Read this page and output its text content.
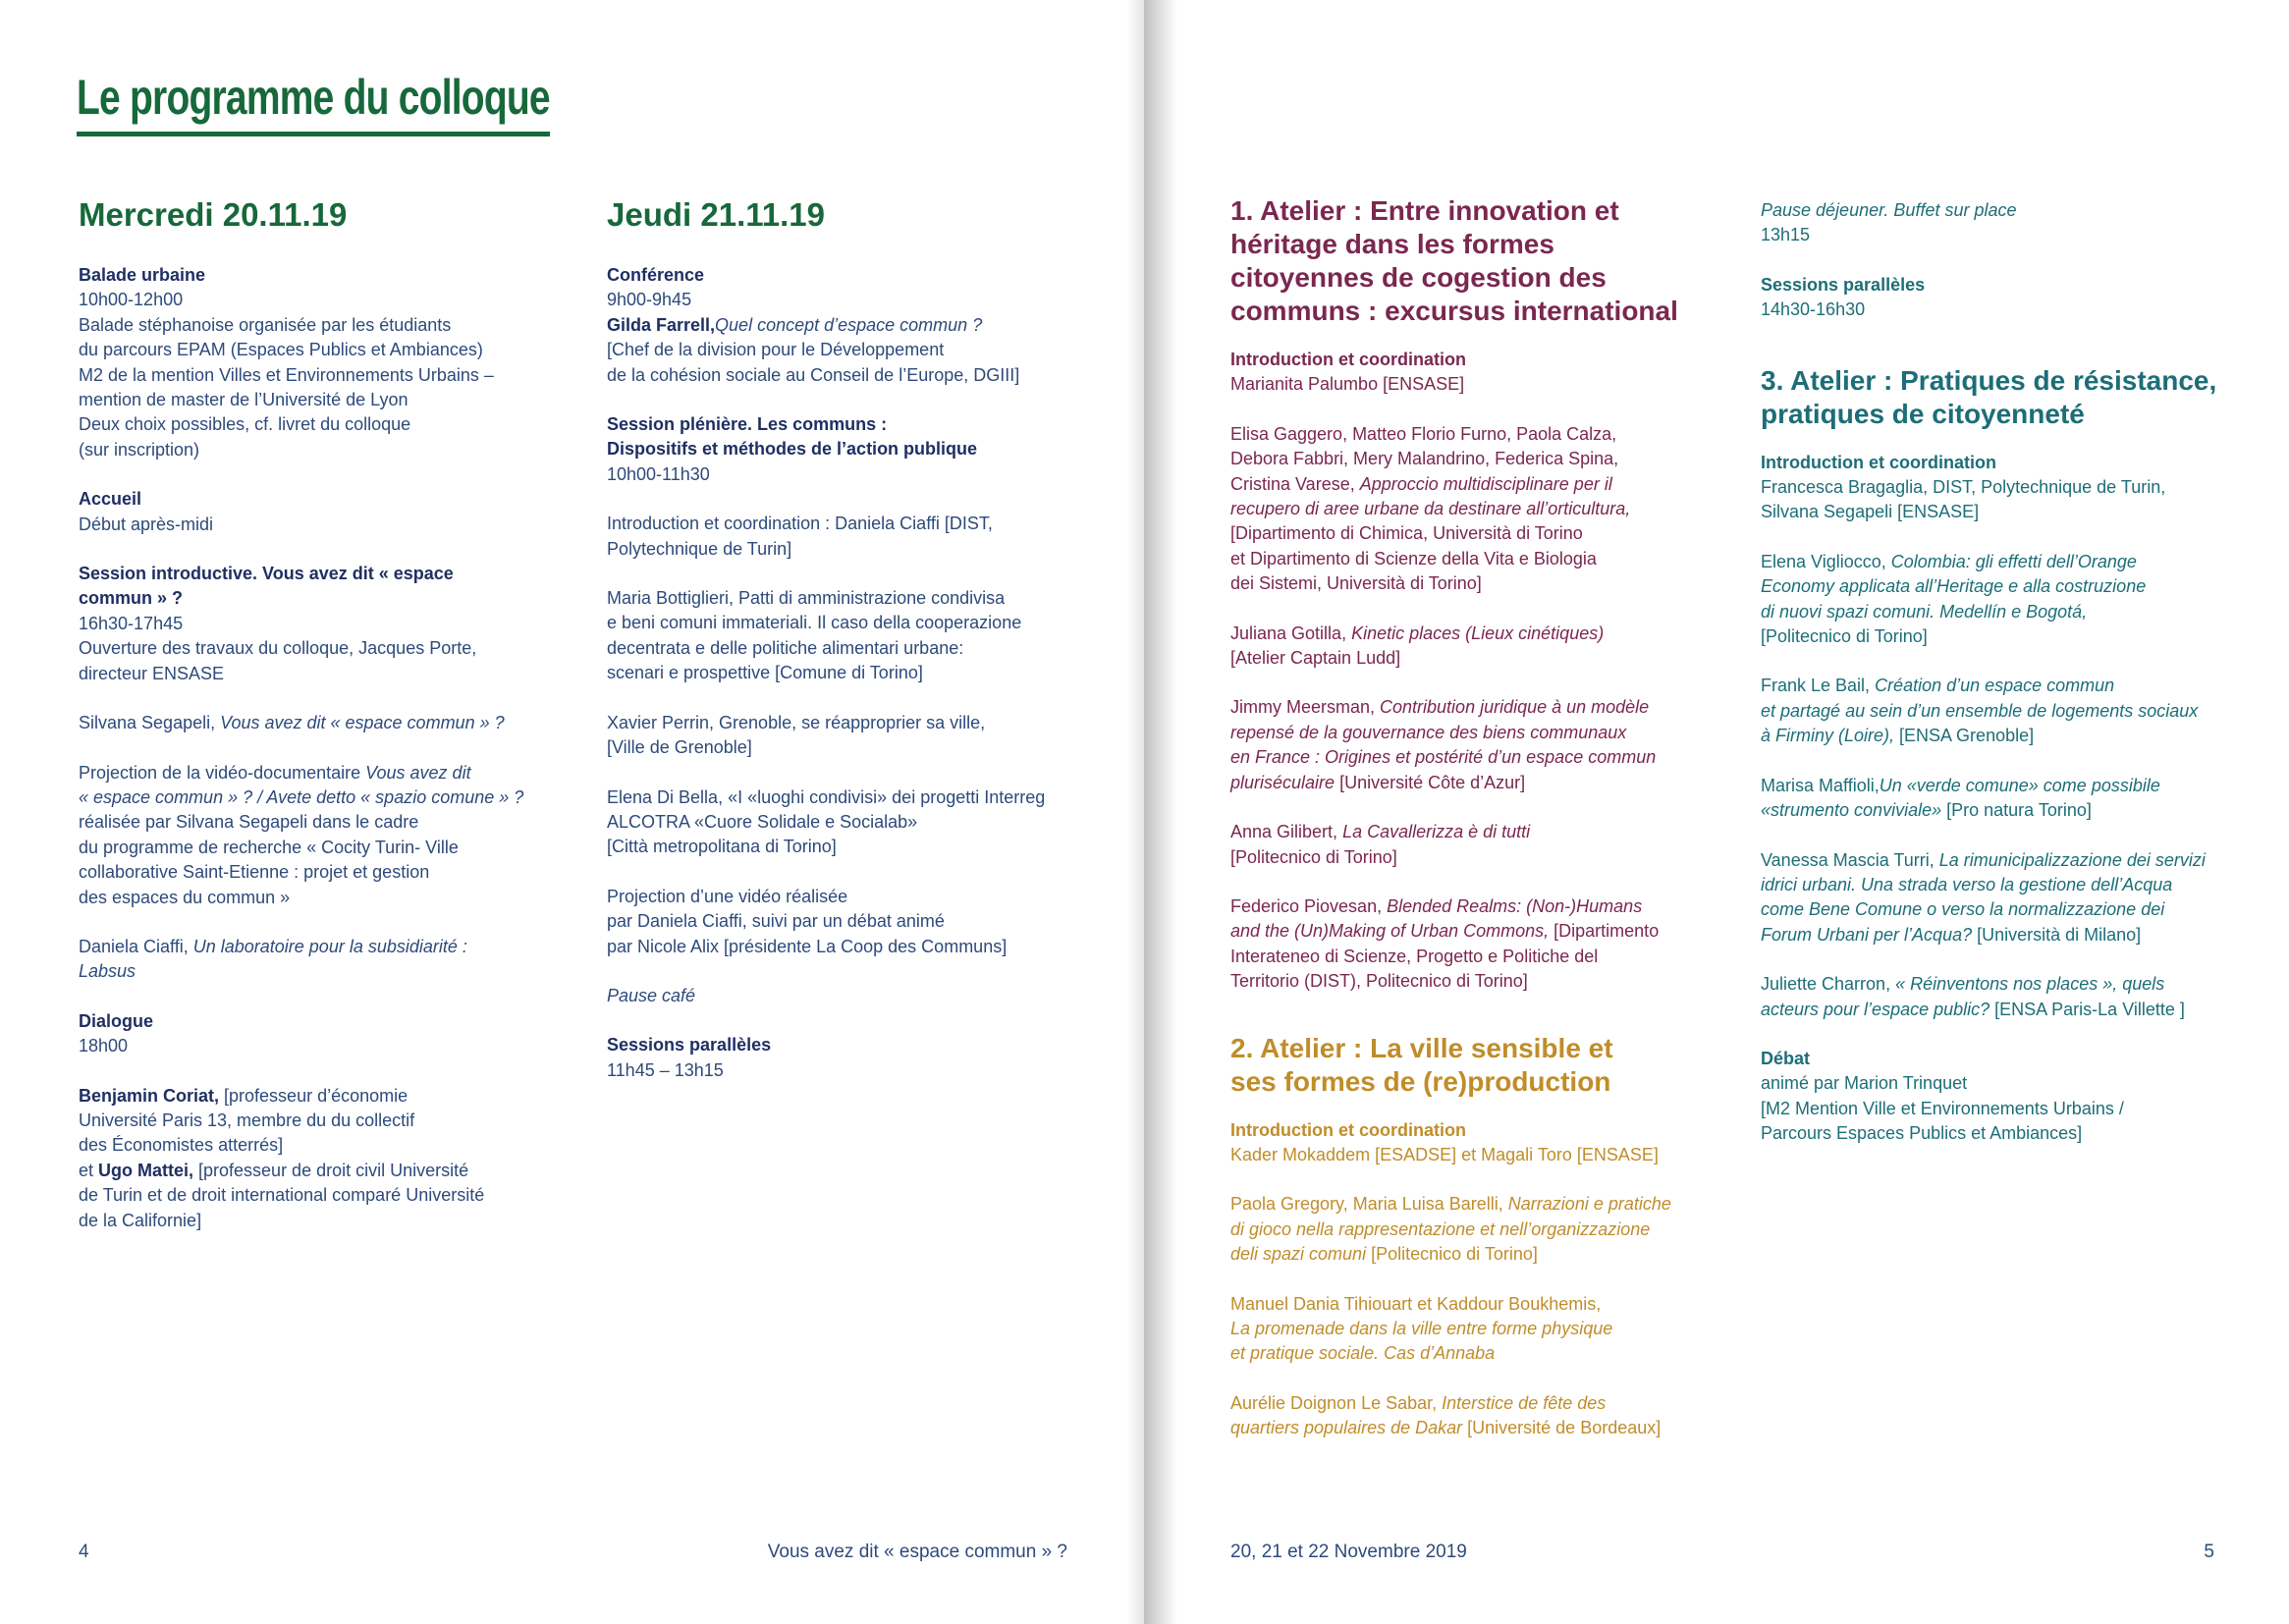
Le programme du colloque
Mercredi 20.11.19
Balade urbaine
10h00-12h00
Balade stéphanoise organisée par les étudiants
du parcours EPAM (Espaces Publics et Ambiances)
M2 de la mention Villes et Environnements Urbains –
mention de master de l’Université de Lyon
Deux choix possibles, cf. livret du colloque
(sur inscription)
Accueil
Début après-midi
Session introductive. Vous avez dit « espace
commun » ?
16h30-17h45
Ouverture des travaux du colloque, Jacques Porte,
directeur ENSASE
Silvana Segapeli, Vous avez dit « espace commun » ?
Projection de la vidéo-documentaire Vous avez dit
« espace commun » ? / Avete detto « spazio comune » ?
réalisée par Silvana Segapeli dans le cadre
du programme de recherche « Cocity Turin- Ville
collaborative Saint-Etienne : projet et gestion
des espaces du commun »
Daniela Ciaffi, Un laboratoire pour la subsidiarité :
Labsus
Dialogue
18h00
Benjamin Coriat, [professeur d’économie
Université Paris 13, membre du du collectif
des Économistes atterrés]
et Ugo Mattei, [professeur de droit civil Université
de Turin et de droit international comparé Université
de la Californie]
Jeudi 21.11.19
Conférence
9h00-9h45
Gilda Farrell,Quel concept d’espace commun ?
[Chef de la division pour le Développement
de la cohésion sociale au Conseil de l’Europe, DGIII]
Session plénière. Les communs :
Dispositifs et méthodes de l’action publique
10h00-11h30
Introduction et coordination : Daniela Ciaffi [DIST,
Polytechnique de Turin]
Maria Bottiglieri, Patti di amministrazione condivisa
e beni comuni immateriali. Il caso della cooperazione
decentrata e delle politiche alimentari urbane:
scenari e prospettive [Comune di Torino]
Xavier Perrin, Grenoble, se réapproprier sa ville,
[Ville de Grenoble]
Elena Di Bella, «I «luoghi condivisi» dei progetti Interreg
ALCOTRA «Cuore Solidale e Socialab»
[Città metropolitana di Torino]
Projection d’une vidéo réalisée
par Daniela Ciaffi, suivi par un débat animé
par Nicole Alix [présidente La Coop des Communs]
Pause café
Sessions parallèles
11h45 – 13h15
4	Vous avez dit « espace commun » ?
1. Atelier : Entre innovation et
héritage dans les formes
citoyennes de cogestion des
communs : excursus international
Introduction et coordination
Marianita Palumbo [ENSASE]
Elisa Gaggero, Matteo Florio Furno, Paola Calza,
Debora Fabbri, Mery Malandrino, Federica Spina,
Cristina Varese, Approccio multidisciplinare per il
recupero di aree urbane da destinare all’orticultura,
[Dipartimento di Chimica, Università di Torino
et Dipartimento di Scienze della Vita e Biologia
dei Sistemi, Università di Torino]
Juliana Gotilla, Kinetic places (Lieux cinétiques)
[Atelier Captain Ludd]
Jimmy Meersman, Contribution juridique à un modèle
repensé de la gouvernance des biens communaux
en France : Origines et postérité d’un espace commun
pluriséculaire [Université Côte d’Azur]
Anna Gilibert, La Cavallerizza è di tutti
[Politecnico di Torino]
Federico Piovesan, Blended Realms: (Non-)Humans
and the (Un)Making of Urban Commons, [Dipartimento
Interateneo di Scienze, Progetto e Politiche del
Territorio (DIST), Politecnico di Torino]
2. Atelier : La ville sensible et
ses formes de (re)production
Introduction et coordination
Kader Mokaddem [ESADSE] et Magali Toro [ENSASE]
Paola Gregory, Maria Luisa Barelli, Narrazioni e pratiche
di gioco nella rappresentazione et nell’organizzazione
deli spazi comuni [Politecnico di Torino]
Manuel Dania Tihiouart et Kaddour Boukhemis,
La promenade dans la ville entre forme physique
et pratique sociale. Cas d’Annaba
Aurélie Doignon Le Sabar, Interstice de fête des
quartiers populaires de Dakar [Université de Bordeaux]
Pause déjeuner. Buffet sur place
13h15
Sessions parallèles
14h30-16h30
3. Atelier : Pratiques de résistance,
pratiques de citoyenneté
Introduction et coordination
Francesca Bragaglia, DIST, Polytechnique de Turin,
Silvana Segapeli [ENSASE]
Elena Vigliocco, Colombia: gli effetti dell’Orange
Economy applicata all’Heritage e alla costruzione
di nuovi spazi comuni. Medellín e Bogotá,
[Politecnico di Torino]
Frank Le Bail, Création d’un espace commun
et partagé au sein d’un ensemble de logements sociaux
à Firminy (Loire), [ENSA Grenoble]
Marisa Maffioli,Un «verde comune» come possibile
«strumento conviviale» [Pro natura Torino]
Vanessa Mascia Turri, La rimunicipalizzazione dei servizi
idrici urbani. Una strada verso la gestione dell’Acqua
come Bene Comune o verso la normalizzazione dei
Forum Urbani per l’Acqua? [Università di Milano]
Juliette Charron, « Réinventons nos places », quels
acteurs pour l’espace public? [ENSA Paris-La Villette ]
Débat
animé par Marion Trinquet
[M2 Mention Ville et Environnements Urbains /
Parcours Espaces Publics et Ambiances]
20, 21 et 22 Novembre 2019	5
